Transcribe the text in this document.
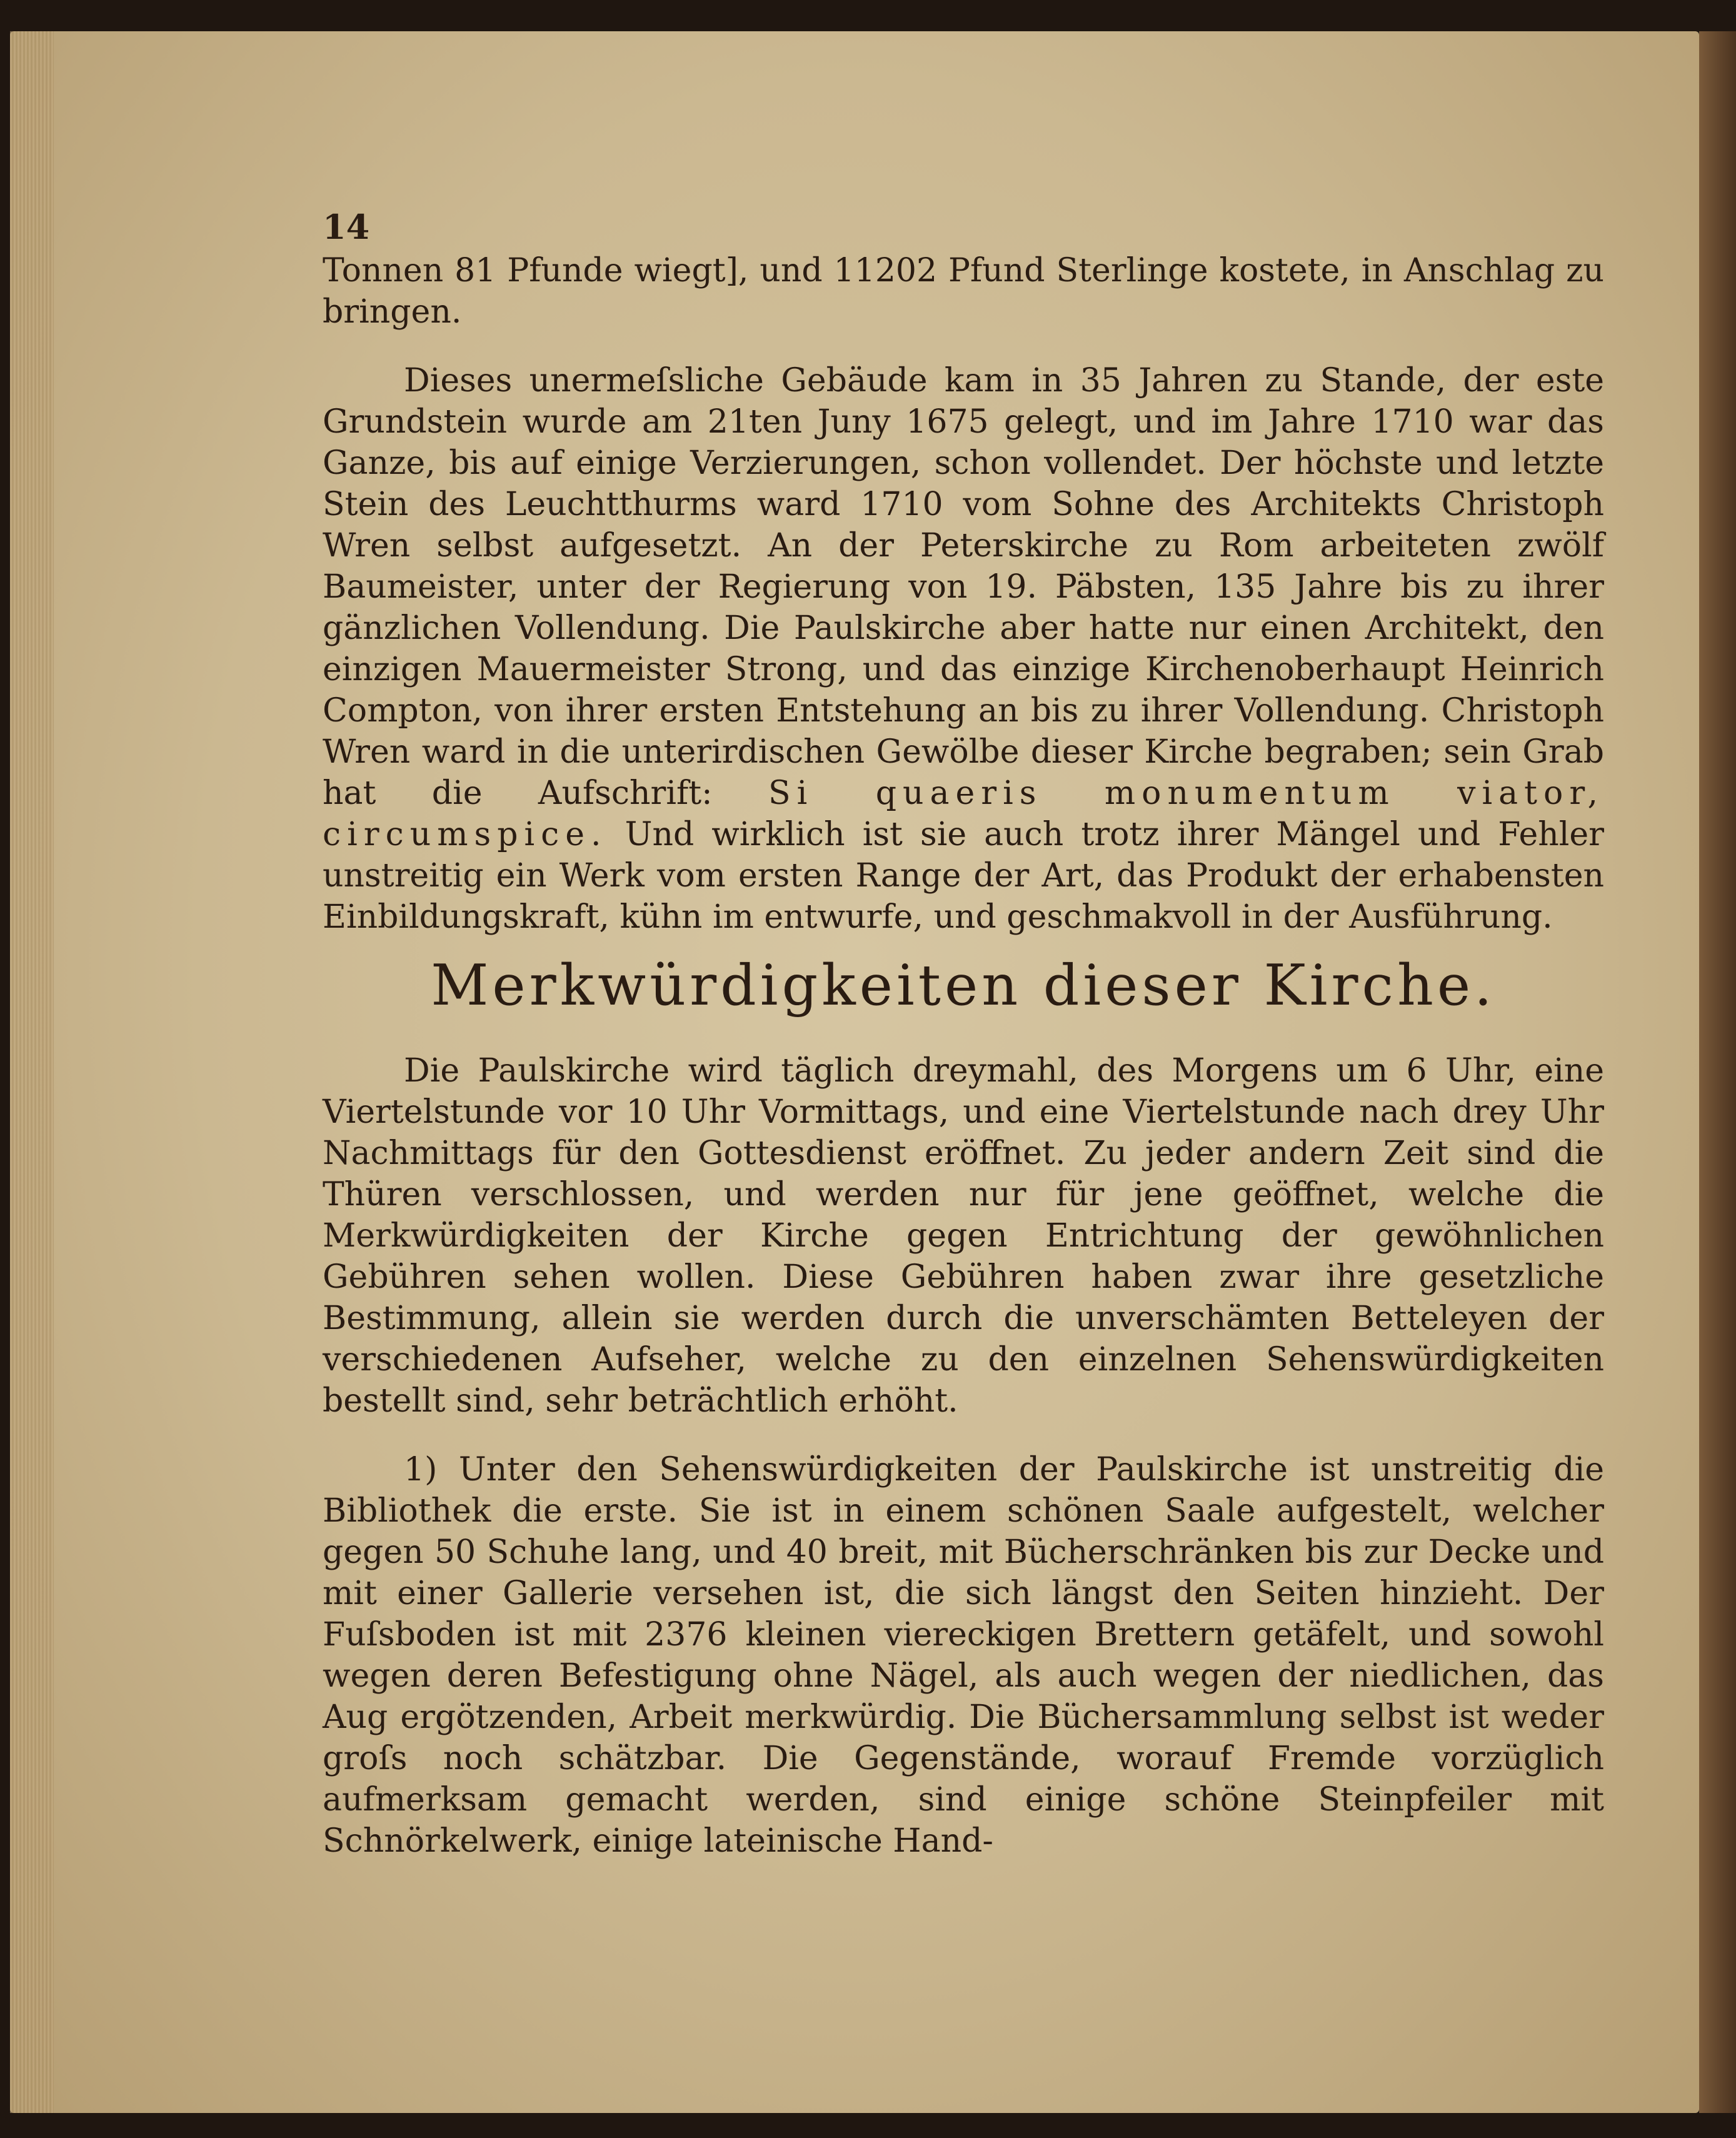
14

Tonnen 81 Pfunde wiegt], und 11202 Pfund Sterlinge kostete, in Anschlag zu bringen.

Dieses unermeſsliche Gebäude kam in 35 Jahren zu Stande, der este Grundstein wurde am 21ten Juny 1675 gelegt, und im Jahre 1710 war das Ganze, bis auf einige Verzierungen, schon vollendet. Der höchste und letzte Stein des Leuchtthurms ward 1710 vom Sohne des Architekts Christoph Wren selbst aufgesetzt. An der Peterskirche zu Rom arbeiteten zwölf Baumeister, unter der Regierung von 19. Päbsten, 135 Jahre bis zu ihrer gänzlichen Vollendung. Die Paulskirche aber hatte nur einen Architekt, den einzigen Mauermeister Strong, und das einzige Kirchenoberhaupt Heinrich Compton, von ihrer ersten Entstehung an bis zu ihrer Vollendung. Christoph Wren ward in die unterirdischen Gewölbe dieser Kirche begraben; sein Grab hat die Aufschrift: Si quaeris monumentum viator, circumspice. Und wirklich ist sie auch trotz ihrer Mängel und Fehler unstreitig ein Werk vom ersten Range der Art, das Produkt der erhabensten Einbildungskraft, kühn im entwurfe, und geschmakvoll in der Ausführung.

Merkwürdigkeiten dieser Kirche.

Die Paulskirche wird täglich dreymahl, des Morgens um 6 Uhr, eine Viertelstunde vor 10 Uhr Vormittags, und eine Viertelstunde nach drey Uhr Nachmittags für den Gottesdienst eröffnet. Zu jeder andern Zeit sind die Thüren verschlossen, und werden nur für jene geöffnet, welche die Merkwürdigkeiten der Kirche gegen Entrichtung der gewöhnlichen Gebühren sehen wollen. Diese Gebühren haben zwar ihre gesetzliche Bestimmung, allein sie werden durch die unverschämten Betteleyen der verschiedenen Aufseher, welche zu den einzelnen Sehenswürdigkeiten bestellt sind, sehr beträchtlich erhöht.

1) Unter den Sehenswürdigkeiten der Paulskirche ist unstreitig die Bibliothek die erste. Sie ist in einem schönen Saale aufgestelt, welcher gegen 50 Schuhe lang, und 40 breit, mit Bücherschränken bis zur Decke und mit einer Gallerie versehen ist, die sich längst den Seiten hinzieht. Der Fuſsboden ist mit 2376 kleinen viereckigen Brettern getäfelt, und sowohl wegen deren Befestigung ohne Nägel, als auch wegen der niedlichen, das Aug ergötzenden, Arbeit merkwürdig. Die Büchersammlung selbst ist weder groſs noch schätzbar. Die Gegenstände, worauf Fremde vorzüglich aufmerksam gemacht werden, sind einige schöne Steinpfeiler mit Schnörkelwerk, einige lateinische Hand-
